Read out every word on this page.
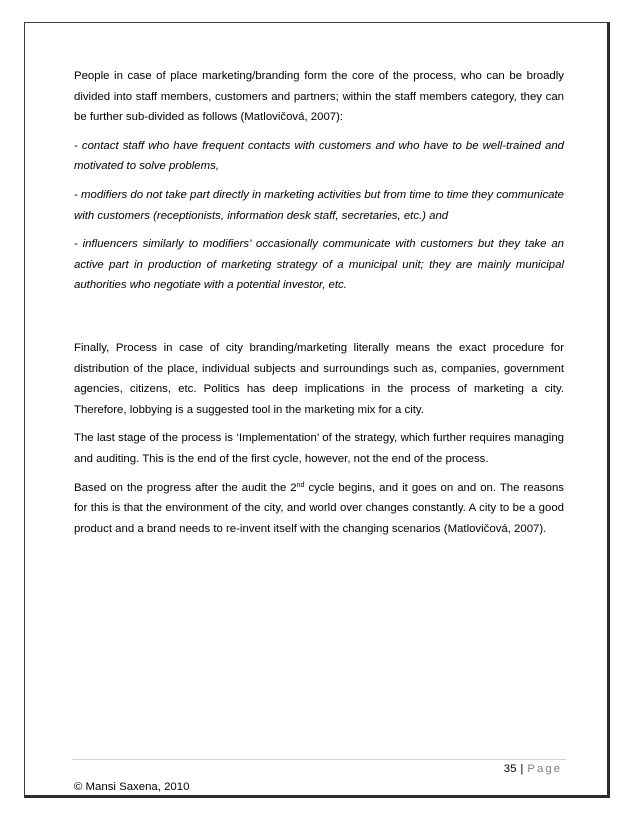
People in case of place marketing/branding form the core of the process, who can be broadly divided into staff members, customers and partners; within the staff members category, they can be further sub-divided as follows (Matlovičová, 2007):

- contact staff who have frequent contacts with customers and who have to be well-trained and motivated to solve problems,

- modifiers do not take part directly in marketing activities but from time to time they communicate with customers (receptionists, information desk staff, secretaries, etc.) and

- influencers similarly to modifiers’ occasionally communicate with customers but they take an active part in production of marketing strategy of a municipal unit; they are mainly municipal authorities who negotiate with a potential investor, etc.

Finally, Process in case of city branding/marketing literally means the exact procedure for distribution of the place, individual subjects and surroundings such as, companies, government agencies, citizens, etc. Politics has deep implications in the process of marketing a city. Therefore, lobbying is a suggested tool in the marketing mix for a city.

The last stage of the process is ‘Implementation’ of the strategy, which further requires managing and auditing. This is the end of the first cycle, however, not the end of the process.

Based on the progress after the audit the 2nd cycle begins, and it goes on and on. The reasons for this is that the environment of the city, and world over changes constantly. A city to be a good product and a brand needs to re-invent itself with the changing scenarios (Matlovičová, 2007).

35 | Page
© Mansi Saxena, 2010
